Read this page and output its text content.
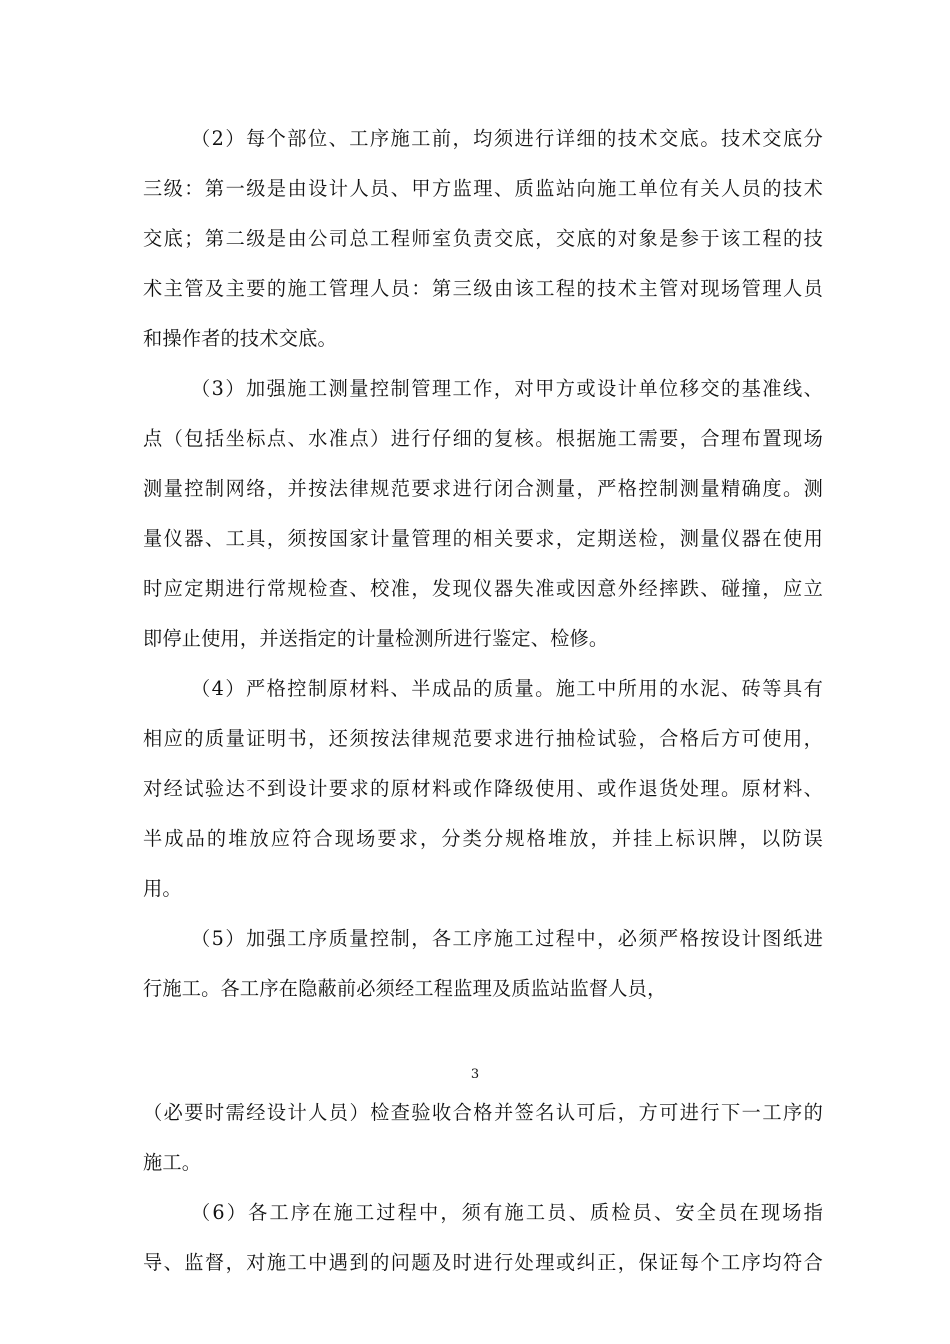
（2）每个部位、工序施工前，均须进行详细的技术交底。技术交底分
三级：第一级是由设计人员、甲方监理、质监站向施工单位有关人员的技术
交底；第二级是由公司总工程师室负责交底，交底的对象是参于该工程的技
术主管及主要的施工管理人员：第三级由该工程的技术主管对现场管理人员
和操作者的技术交底。
（3）加强施工测量控制管理工作，对甲方或设计单位移交的基准线、
点（包括坐标点、水准点）进行仔细的复核。根据施工需要，合理布置现场
测量控制网络，并按法律规范要求进行闭合测量，严格控制测量精确度。测
量仪器、工具，须按国家计量管理的相关要求，定期送检，测量仪器在使用
时应定期进行常规检查、校准，发现仪器失准或因意外经摔跌、碰撞，应立
即停止使用，并送指定的计量检测所进行鉴定、检修。
（4）严格控制原材料、半成品的质量。施工中所用的水泥、砖等具有
相应的质量证明书，还须按法律规范要求进行抽检试验，合格后方可使用，
对经试验达不到设计要求的原材料或作降级使用、或作退货处理。原材料、
半成品的堆放应符合现场要求，分类分规格堆放，并挂上标识牌，以防误
用。
（5）加强工序质量控制，各工序施工过程中，必须严格按设计图纸进
行施工。各工序在隐蔽前必须经工程监理及质监站监督人员，
3
（必要时需经设计人员）检查验收合格并签名认可后，方可进行下一工序的
施工。
（6）各工序在施工过程中，须有施工员、质检员、安全员在现场指
导、监督，对施工中遇到的问题及时进行处理或纠正，保证每个工序均符合
